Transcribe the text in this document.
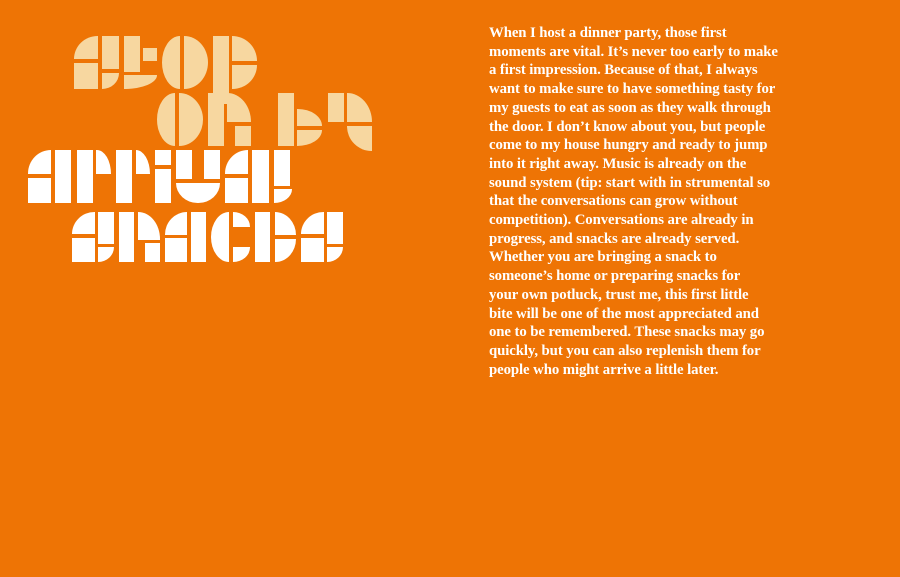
When I host a dinner party, those first
moments are vital. It’s never too early to make
a first impression. Because of that, I always
want to make sure to have something tasty for
my guests to eat as soon as they walk through
the door. I don’t know about you, but people
come to my house hungry and ready to jump
into it right away. Music is already on the
sound system (tip: start with in strumental so
that the conversations can grow without
competition). Conversations are already in
progress, and snacks are already served.
Whether you are bringing a snack to
someone’s home or preparing snacks for
your own potluck, trust me, this first little
bite will be one of the most appreciated and
one to be remembered. These snacks may go
quickly, but you can also replenish them for
people who might arrive a little later.
